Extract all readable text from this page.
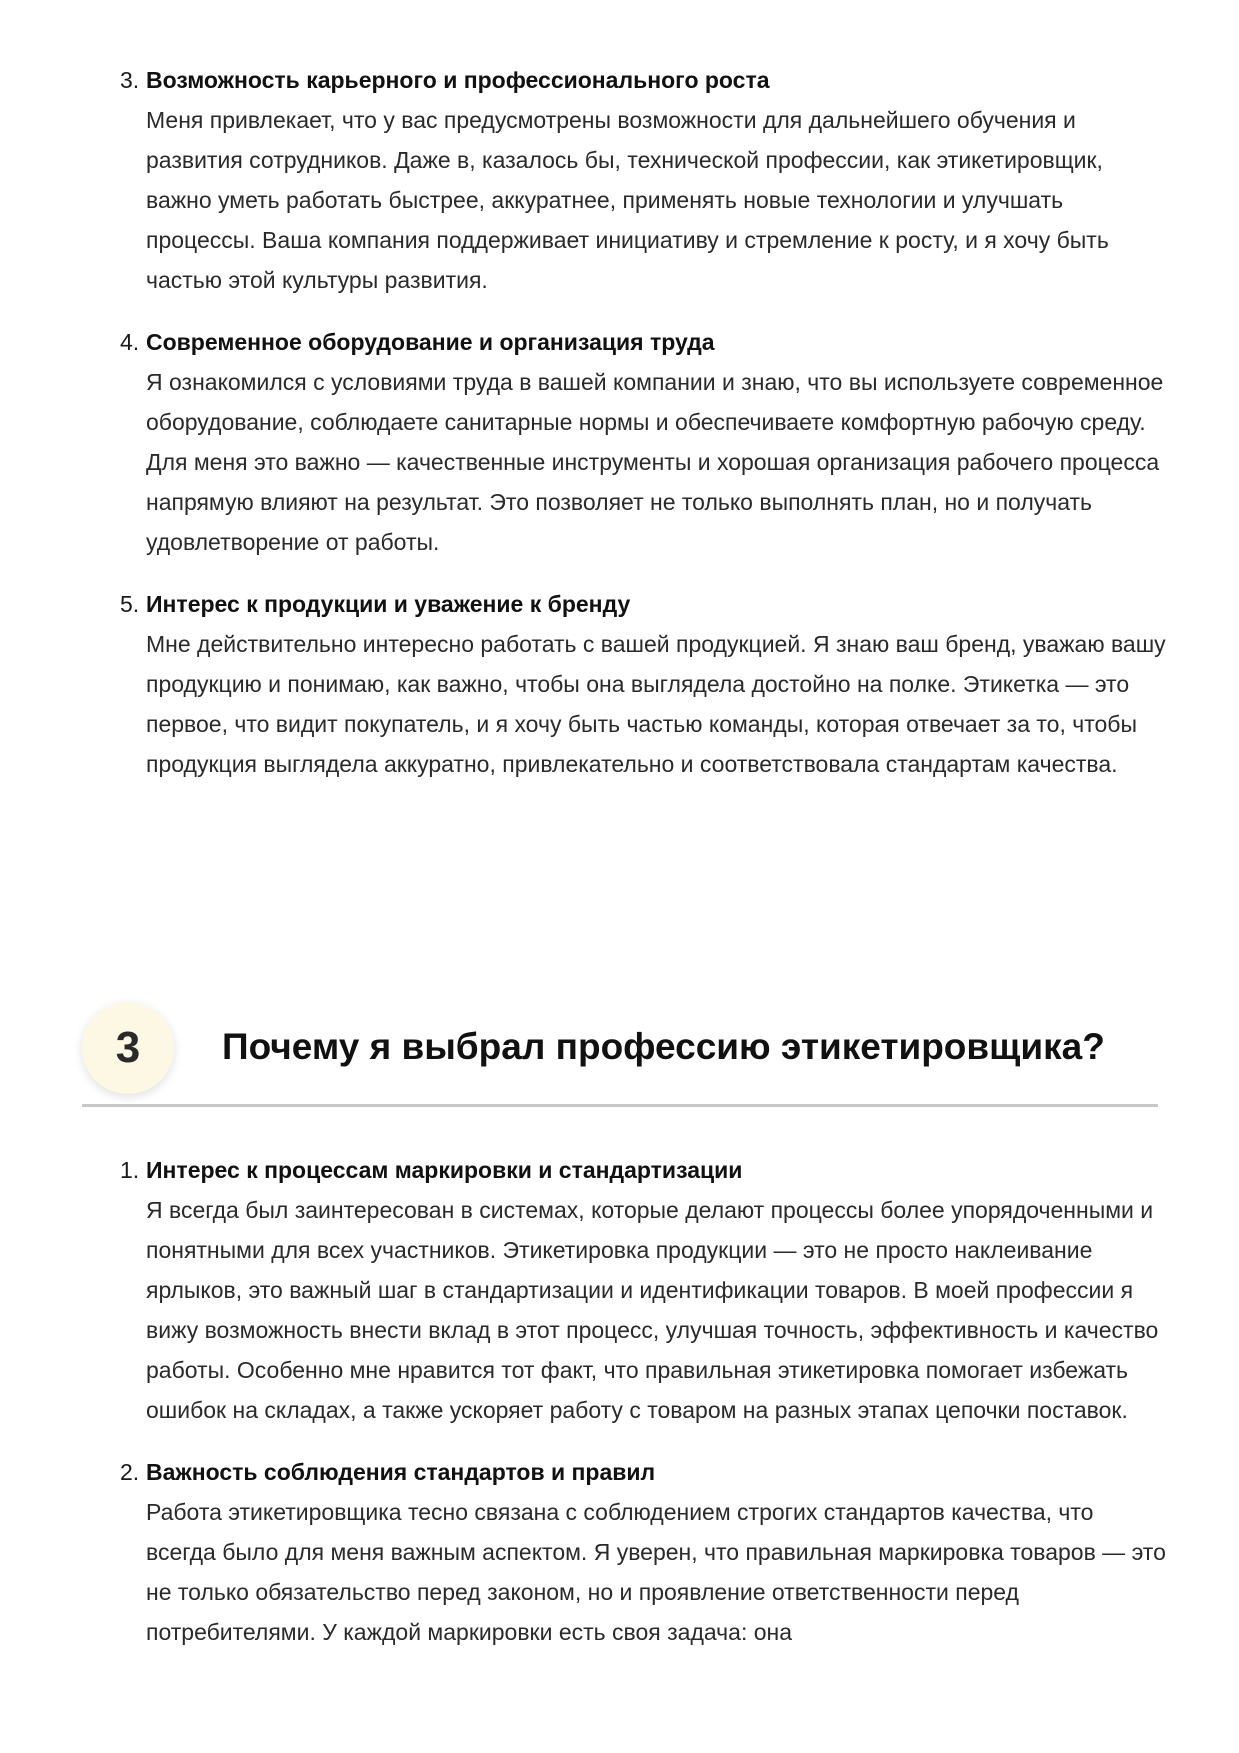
3. Возможность карьерного и профессионального роста
Меня привлекает, что у вас предусмотрены возможности для дальнейшего обучения и развития сотрудников. Даже в, казалось бы, технической профессии, как этикетировщик, важно уметь работать быстрее, аккуратнее, применять новые технологии и улучшать процессы. Ваша компания поддерживает инициативу и стремление к росту, и я хочу быть частью этой культуры развития.
4. Современное оборудование и организация труда
Я ознакомился с условиями труда в вашей компании и знаю, что вы используете современное оборудование, соблюдаете санитарные нормы и обеспечиваете комфортную рабочую среду. Для меня это важно — качественные инструменты и хорошая организация рабочего процесса напрямую влияют на результат. Это позволяет не только выполнять план, но и получать удовлетворение от работы.
5. Интерес к продукции и уважение к бренду
Мне действительно интересно работать с вашей продукцией. Я знаю ваш бренд, уважаю вашу продукцию и понимаю, как важно, чтобы она выглядела достойно на полке. Этикетка — это первое, что видит покупатель, и я хочу быть частью команды, которая отвечает за то, чтобы продукция выглядела аккуратно, привлекательно и соответствовала стандартам качества.
3	Почему я выбрал профессию этикетировщика?
1. Интерес к процессам маркировки и стандартизации
Я всегда был заинтересован в системах, которые делают процессы более упорядоченными и понятными для всех участников. Этикетировка продукции — это не просто наклеивание ярлыков, это важный шаг в стандартизации и идентификации товаров. В моей профессии я вижу возможность внести вклад в этот процесс, улучшая точность, эффективность и качество работы. Особенно мне нравится тот факт, что правильная этикетировка помогает избежать ошибок на складах, а также ускоряет работу с товаром на разных этапах цепочки поставок.
2. Важность соблюдения стандартов и правил
Работа этикетировщика тесно связана с соблюдением строгих стандартов качества, что всегда было для меня важным аспектом. Я уверен, что правильная маркировка товаров — это не только обязательство перед законом, но и проявление ответственности перед потребителями. У каждой маркировки есть своя задача: она
